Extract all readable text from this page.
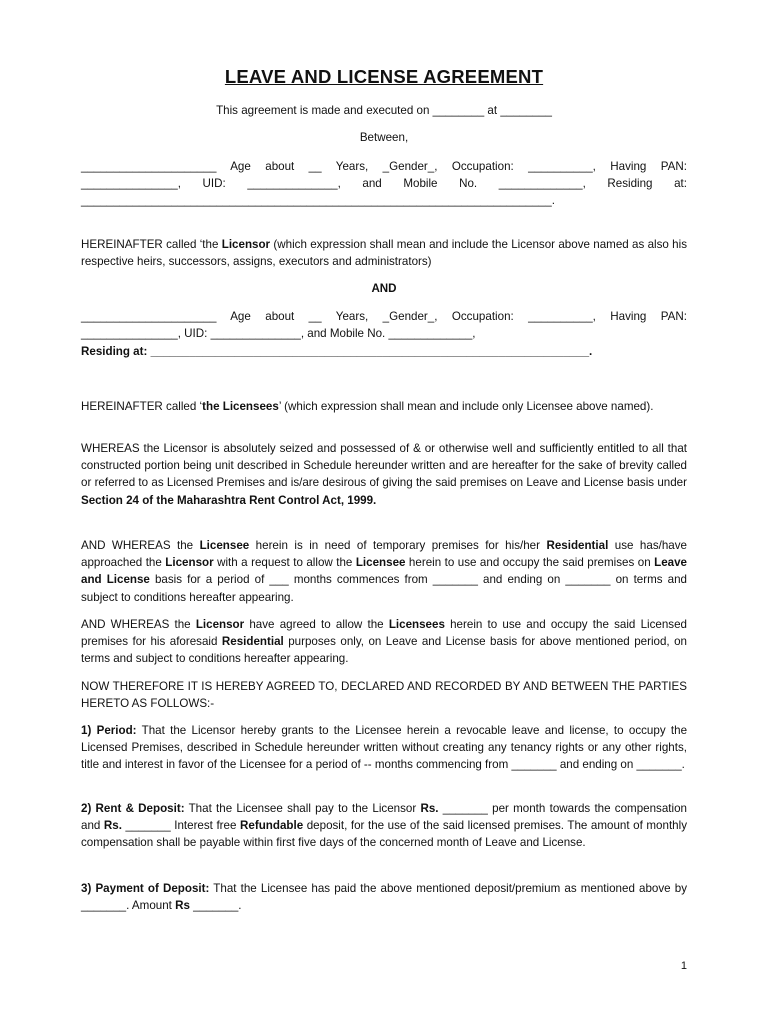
LEAVE AND LICENSE AGREEMENT
This agreement is made and executed on ________ at ________
Between,

_____________________ Age about __ Years, _Gender_, Occupation: __________, Having PAN: _______________, UID: ______________, and Mobile No. _____________, Residing at: _________________________________________________________________________.

HEREINAFTER called ‘the Licensor (which expression shall mean and include the Licensor above named as also his respective heirs, successors, assigns, executors and administrators)

AND

_____________________ Age about __ Years, _Gender_, Occupation: __________, Having PAN: _______________, UID: ______________, and Mobile No. _____________,

Residing at: ____________________________________________________________________.

HEREINAFTER called ‘the Licensees’ (which expression shall mean and include only Licensee above named).

WHEREAS the Licensor is absolutely seized and possessed of & or otherwise well and sufficiently entitled to all that constructed portion being unit described in Schedule hereunder written and are hereafter for the sake of brevity called or referred to as Licensed Premises and is/are desirous of giving the said premises on Leave and License basis under Section 24 of the Maharashtra Rent Control Act, 1999.

AND WHEREAS the Licensee herein is in need of temporary premises for his/her Residential use has/have approached the Licensor with a request to allow the Licensee herein to use and occupy the said premises on Leave and License basis for a period of ___ months commences from _______ and ending on _______ on terms and subject to conditions hereafter appearing.

AND WHEREAS the Licensor have agreed to allow the Licensees herein to use and occupy the said Licensed premises for his aforesaid Residential purposes only, on Leave and License basis for above mentioned period, on terms and subject to conditions hereafter appearing.

NOW THEREFORE IT IS HEREBY AGREED TO, DECLARED AND RECORDED BY AND BETWEEN THE PARTIES HERETO AS FOLLOWS:-

1) Period: That the Licensor hereby grants to the Licensee herein a revocable leave and license, to occupy the Licensed Premises, described in Schedule hereunder written without creating any tenancy rights or any other rights, title and interest in favor of the Licensee for a period of -- months commencing from _______ and ending on _______.

2) Rent & Deposit: That the Licensee shall pay to the Licensor Rs. _______ per month towards the compensation and Rs. _______ Interest free Refundable deposit, for the use of the said licensed premises. The amount of monthly compensation shall be payable within first five days of the concerned month of Leave and License.

3) Payment of Deposit: That the Licensee has paid the above mentioned deposit/premium as mentioned above by _______. Amount Rs _______.

1
